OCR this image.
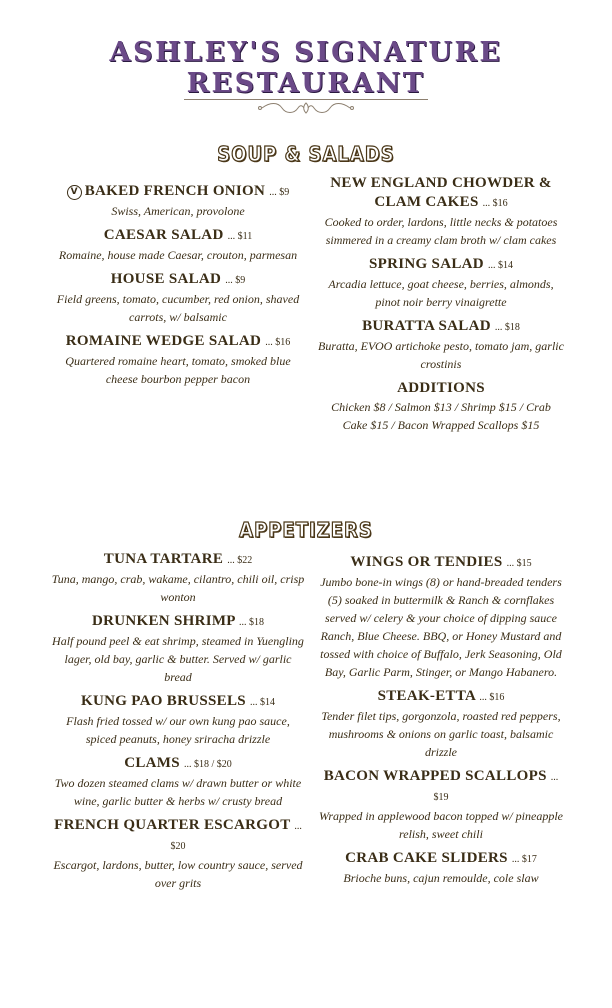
ASHLEY'S SIGNATURE
RESTAURANT
SOUP & SALADS
V BAKED FRENCH ONION ... $9
Swiss, American, provolone
CAESAR SALAD ... $11
Romaine, house made Caesar, crouton, parmesan
HOUSE SALAD ... $9
Field greens, tomato, cucumber, red onion, shaved carrots, w/ balsamic
ROMAINE WEDGE SALAD ... $16
Quartered romaine heart, tomato, smoked blue cheese bourbon pepper bacon
NEW ENGLAND CHOWDER & CLAM CAKES ... $16
Cooked to order, lardons, little necks & potatoes simmered in a creamy clam broth w/ clam cakes
SPRING SALAD ... $14
Arcadia lettuce, goat cheese, berries, almonds, pinot noir berry vinaigrette
BURATTA SALAD ... $18
Buratta, EVOO artichoke pesto, tomato jam, garlic crostinis
ADDITIONS
Chicken $8 / Salmon $13 / Shrimp $15 / Crab Cake $15 / Bacon Wrapped Scallops $15
APPETIZERS
TUNA TARTARE ... $22
Tuna, mango, crab, wakame, cilantro, chili oil, crisp wonton
DRUNKEN SHRIMP ... $18
Half pound peel & eat shrimp, steamed in Yuengling lager, old bay, garlic & butter. Served w/ garlic bread
KUNG PAO BRUSSELS ... $14
Flash fried tossed w/ our own kung pao sauce, spiced peanuts, honey sriracha drizzle
CLAMS ... $18 / $20
Two dozen steamed clams w/ drawn butter or white wine, garlic butter & herbs w/ crusty bread
FRENCH QUARTER ESCARGOT ... $20
Escargot, lardons, butter, low country sauce, served over grits
WINGS OR TENDIES ... $15
Jumbo bone-in wings (8) or hand-breaded tenders (5) soaked in buttermilk & Ranch & cornflakes served w/ celery & your choice of dipping sauce Ranch, Blue Cheese. BBQ, or Honey Mustard and tossed with choice of Buffalo, Jerk Seasoning, Old Bay, Garlic Parm, Stinger, or Mango Habanero.
STEAK-ETTA ... $16
Tender filet tips, gorgonzola, roasted red peppers, mushrooms & onions on garlic toast, balsamic drizzle
BACON WRAPPED SCALLOPS ... $19
Wrapped in applewood bacon topped w/ pineapple relish, sweet chili
CRAB CAKE SLIDERS ... $17
Brioche buns, cajun remoulde, cole slaw
